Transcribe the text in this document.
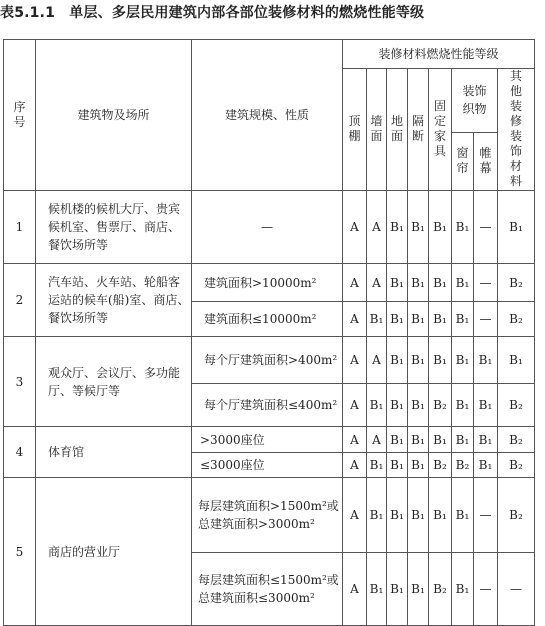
表5.1.1　单层、多层民用建筑内部各部位装修材料的燃烧性能等级
序号	建筑物及场所	建筑规模、性质	装修材料燃烧性能等级							
			顶棚	墙面	地面	隔断	固定家具	装饰织物		其他装修装饰材料
								窗帘	帷幕	
1	候机楼的候机大厅、贵宾候机室、售票厅、商店、餐饮场所等	—	A	A	B₁	B₁	B₁	B₁	—	B₁
2	汽车站、火车站、轮船客运站的候车(船)室、商店、餐饮场所等	建筑面积>10000m²	A	A	B₁	B₁	B₁	B₁	—	B₂
		建筑面积≤10000m²	A	B₁	B₁	B₁	B₁	B₁	—	B₂
3	观众厅、会议厅、多功能厅、等候厅等	每个厅建筑面积>400m²	A	A	B₁	B₁	B₁	B₁	B₁	B₁
		每个厅建筑面积≤400m²	A	B₁	B₁	B₁	B₂	B₁	B₁	B₂
4	体育馆	>3000座位	A	A	B₁	B₁	B₁	B₁	B₁	B₂
		≤3000座位	A	B₁	B₁	B₁	B₂	B₂	B₁	B₂
5	商店的营业厅	每层建筑面积>1500m²或总建筑面积>3000m²	A	B₁	B₁	B₁	B₁	B₁	—	B₂
		每层建筑面积≤1500m²或总建筑面积≤3000m²	A	B₁	B₁	B₁	B₂	B₁	—	—
